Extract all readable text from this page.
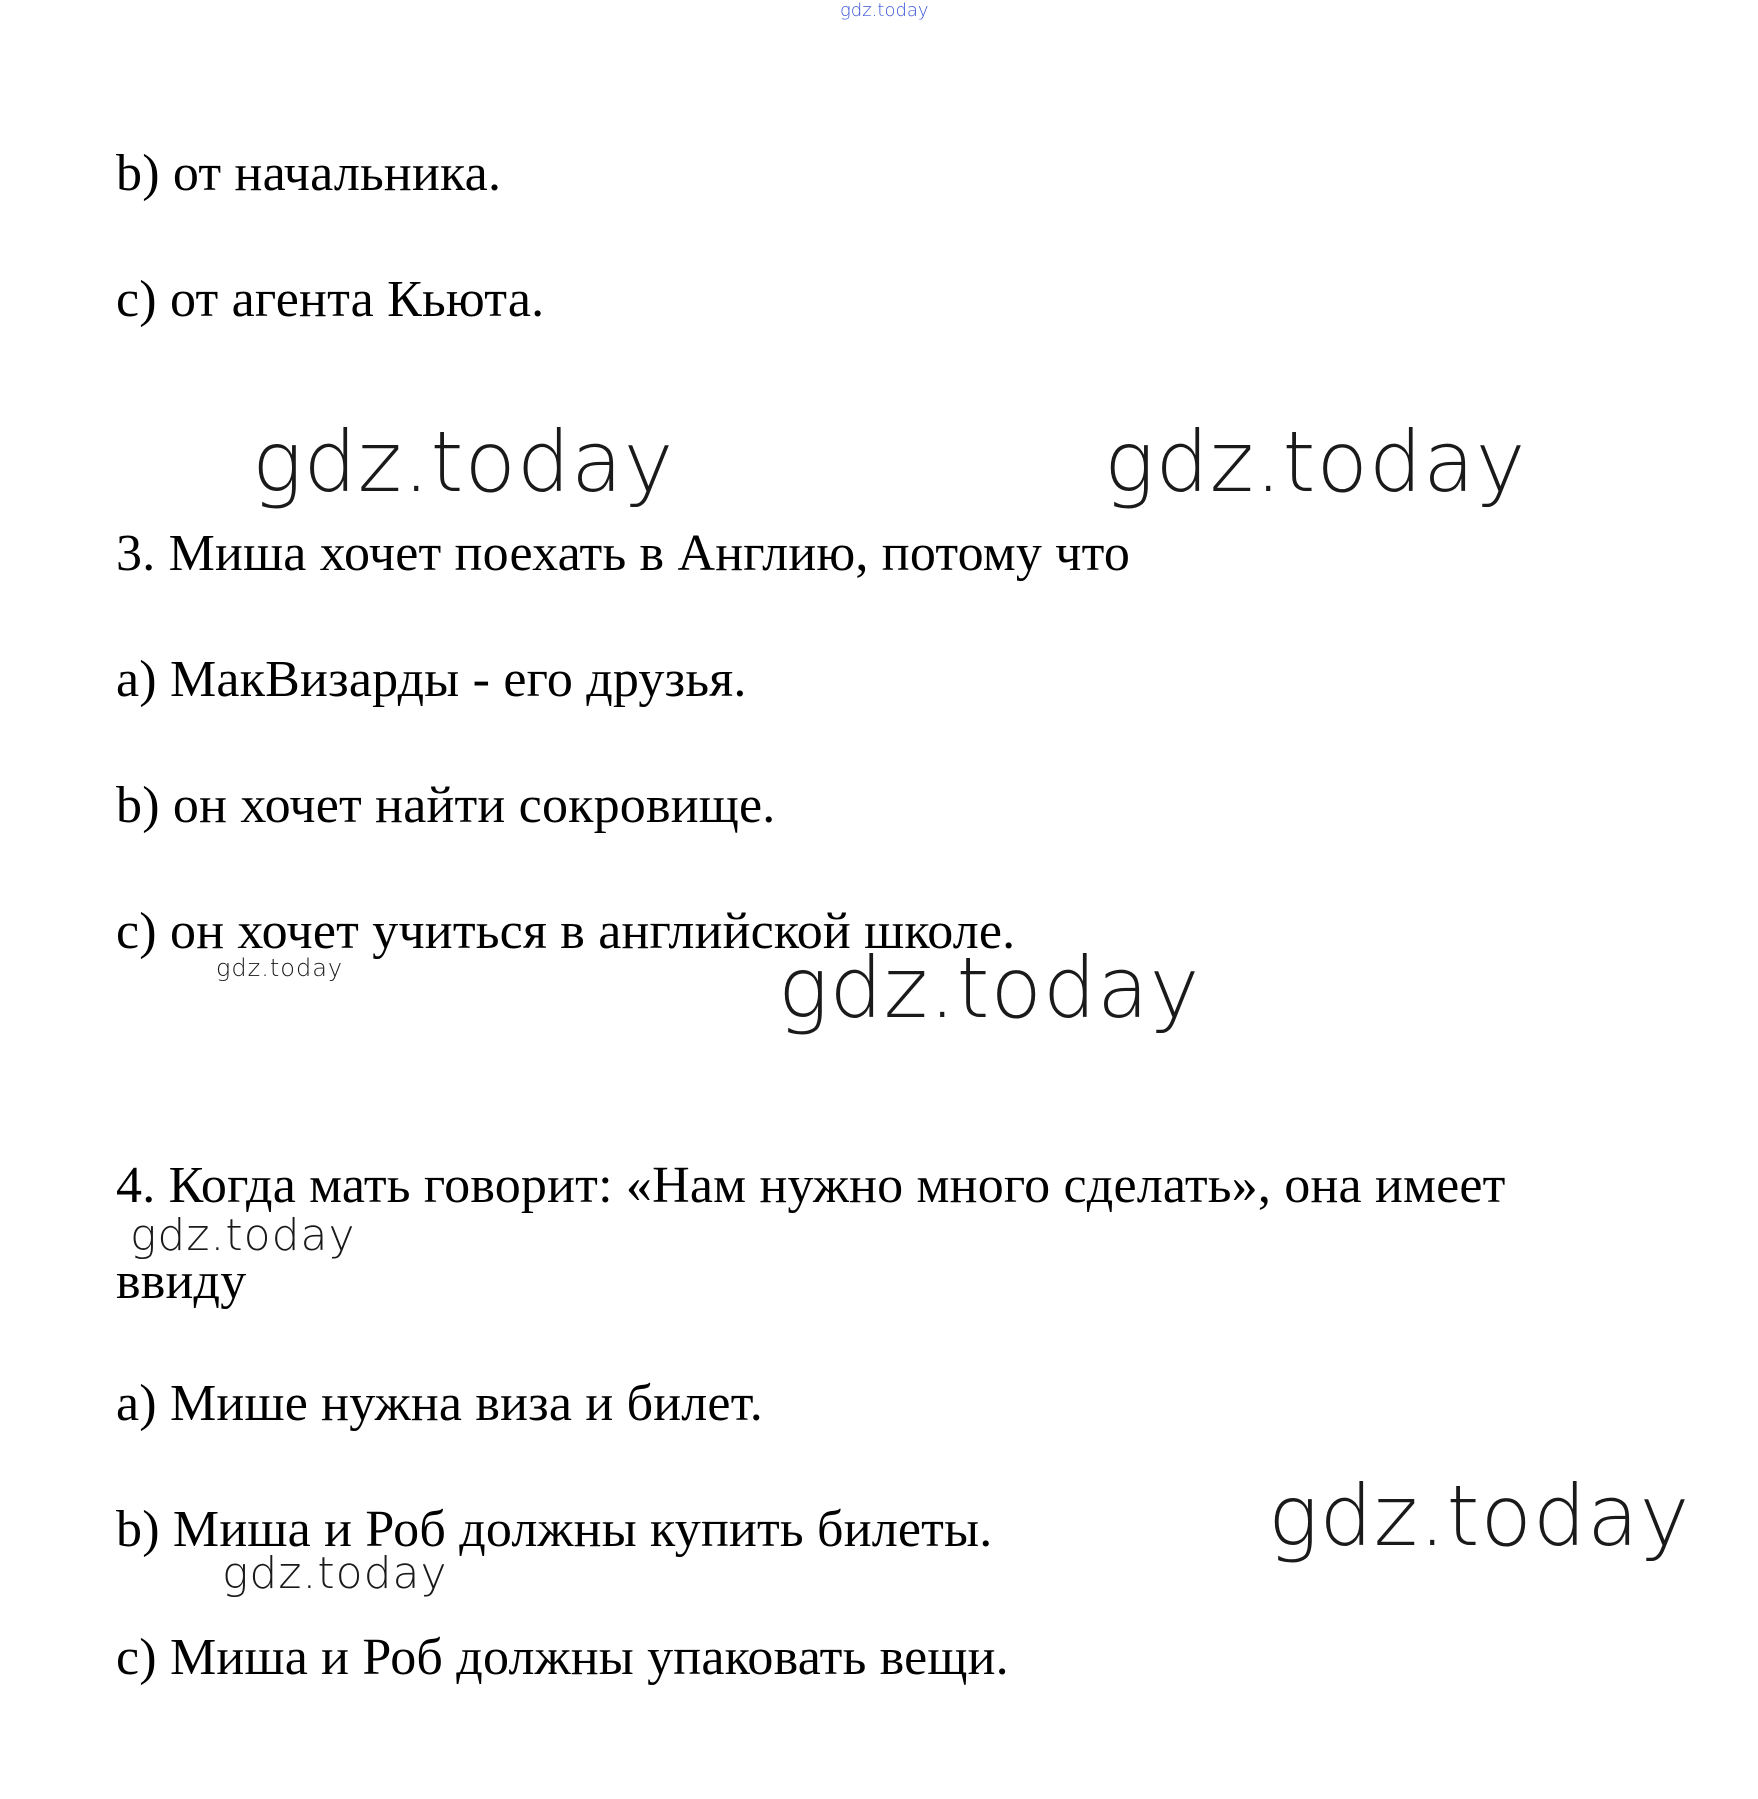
gdz.today
b) от начальника.
c) от агента Кьюта.
gdz.today	gdz.today
3. Миша хочет поехать в Англию, потому что
a) МакВизарды - его друзья.
b) он хочет найти сокровище.
c) он хочет учиться в английской школе.
gdz.today	gdz.today
4. Когда мать говорит: «Нам нужно много сделать», она имеет
gdz.today
ввиду
a) Мише нужна виза и билет.
b) Миша и Роб должны купить билеты.	gdz.today
gdz.today
c) Миша и Роб должны упаковать вещи.
